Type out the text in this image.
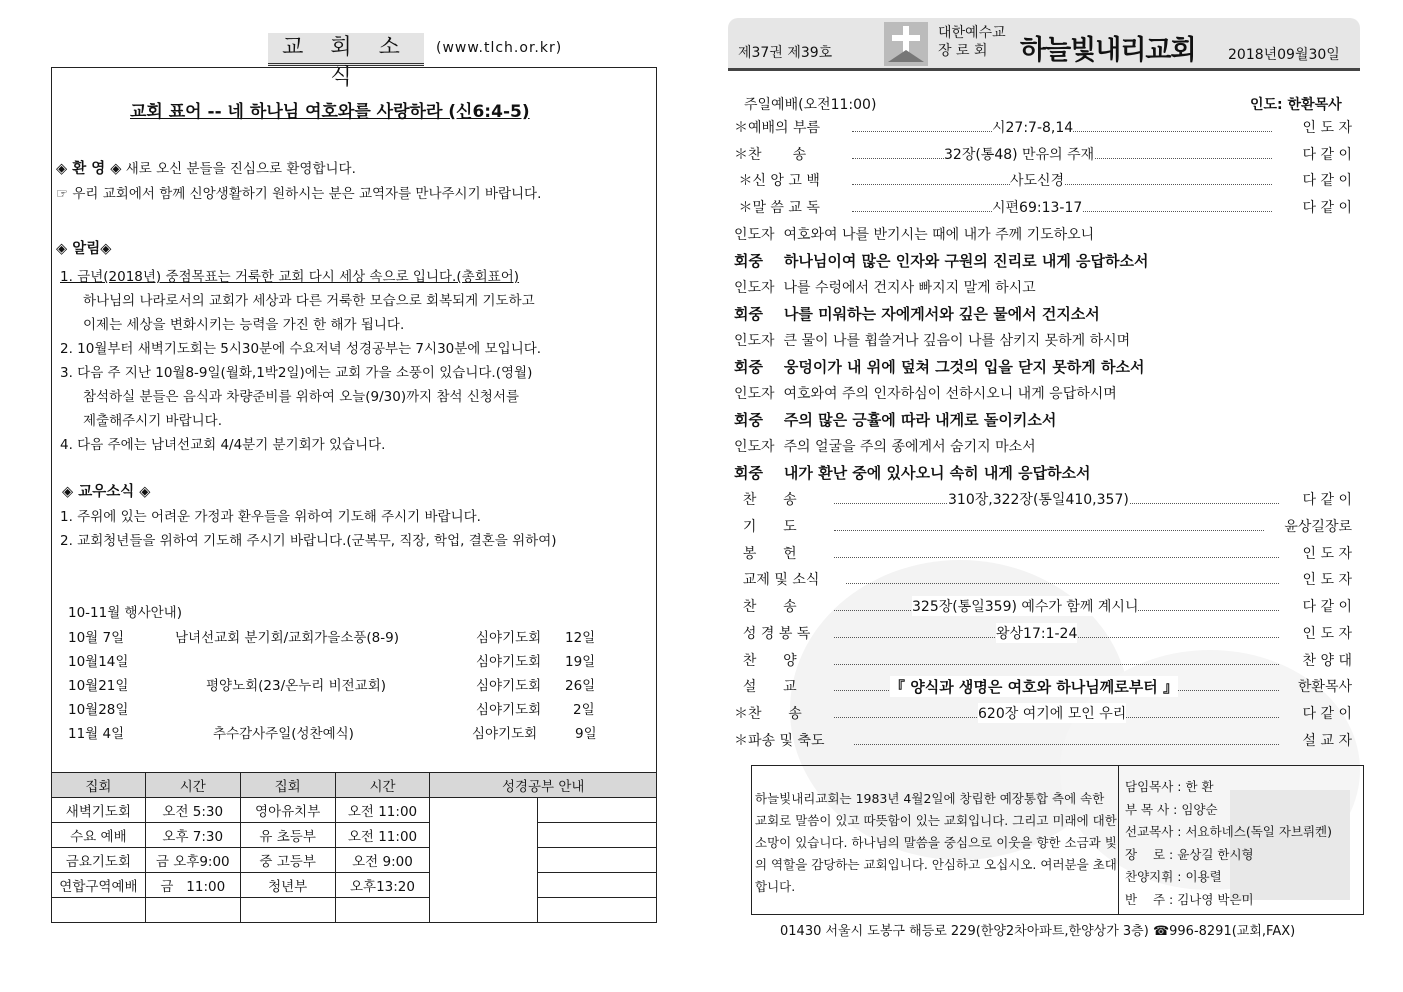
교 회 소 식
(www.tlch.or.kr)
교회 표어 -- 네 하나님 여호와를 사랑하라 (신6:4-5)
◈ 환 영 ◈ 새로 오신 분들을 진심으로 환영합니다.
☞ 우리 교회에서 함께 신앙생활하기 원하시는 분은 교역자를 만나주시기 바랍니다.
◈ 알림◈
1. 금년(2018년) 중점목표는 거룩한 교회 다시 세상 속으로 입니다.(총회표어)
하나님의 나라로서의 교회가 세상과 다른 거룩한 모습으로 회복되게 기도하고
이제는 세상을 변화시키는 능력을 가진 한 해가 됩니다.
2. 10월부터 새벽기도회는 5시30분에 수요저녁 성경공부는 7시30분에 모입니다.
3. 다음 주 지난 10월8-9일(월화,1박2일)에는 교회 가을 소풍이 있습니다.(영월)
참석하실 분들은 음식과 차량준비를 위하여 오늘(9/30)까지 참석 신청서를
제출해주시기 바랍니다.
4. 다음 주에는 남녀선교회 4/4분기 분기회가 있습니다.
◈ 교우소식 ◈
1. 주위에 있는 어려운 가정과 환우들을 위하여 기도해 주시기 바랍니다.
2. 교회청년들을 위하여 기도해 주시기 바랍니다.(군복무, 직장, 학업, 결혼을 위하여)
10-11월 행사안내)
10월 7일	남녀선교회 분기회/교회가을소풍(8-9)	심야기도회 12일
10월14일	심야기도회 19일
10월21일	평양노회(23/온누리 비전교회)	심야기도회 26일
10월28일	심야기도회 2일
11월 4일	추수감사주일(성찬예식)	심야기도회	9일
집회	시간	집회	시간	성경공부 안내	
새벽기도회	오전 5:30	영아유치부	오전 11:00		
수요 예배	오후 7:30	유 초등부	오전 11:00		
금요기도회	금 오후9:00	중 고등부	오전 9:00		
연합구역예배	금   11:00	청년부	오후13:20		

제37권 제39호
대한예수교
장 로 회	하늘빛내리교회 2018년09월30일
주일예배(오전11:00)	인도: 한환목사
＊예배의 부름	시27:7-8,14	인 도 자
＊찬       송	32장(통48) 만유의 주재	다 같 이
＊신 앙 고 백	사도신경	다 같 이
＊말 씀 교 독	시편69:13-17	다 같 이
인도자 여호와여 나를 반기시는 때에 내가 주께 기도하오니
회중 하나님이여 많은 인자와 구원의 진리로 내게 응답하소서
인도자 나를 수렁에서 건지사 빠지지 말게 하시고
회중 나를 미워하는 자에게서와 깊은 물에서 건지소서
인도자 큰 물이 나를 휩쓸거나 깊음이 나를 삼키지 못하게 하시며
회중 웅덩이가 내 위에 덮쳐 그것의 입을 닫지 못하게 하소서
인도자 여호와여 주의 인자하심이 선하시오니 내게 응답하시며
회중 주의 많은 긍휼에 따라 내게로 돌이키소서
인도자 주의 얼굴을 주의 종에게서 숨기지 마소서
회중 내가 환난 중에 있사오니 속히 내게 응답하소서
찬      송	310장,322장(통일410,357)	다 같 이
기      도	윤상길장로
봉      헌	인 도 자
교제 및 소식	인 도 자
찬      송	325장(통일359) 예수가 함께 계시니	다 같 이
성 경 봉 독	왕상17:1-24	인 도 자
찬      양	찬 양 대
설      교	『 양식과 생명은 여호와 하나님께로부터 』	한환목사
＊찬      송	620장 여기에 모인 우리	다 같 이
＊파송 및 축도	설 교 자
하늘빛내리교회는 1983년 4월2일에 창립한 예장통합 측에 속한 교회로 말씀이 있고 따뜻함이 있는 교회입니다. 그리고 미래에 대한 소망이 있습니다. 하나님의 말씀을 중심으로 이웃을 향한 소금과 빛의 역할을 감당하는 교회입니다. 안심하고 오십시오. 여러분을 초대합니다.
담임목사 : 한 환
부 목 사 : 임양순
선교목사 : 서요하네스(독일 자브뤼켄)
장    로 : 윤상길 한시형
찬양지휘 : 이용렬
반    주 : 김나영 박은미
01430 서울시 도봉구 해등로 229(한양2차아파트,한양상가 3층) ☎996-8291(교회,FAX)
